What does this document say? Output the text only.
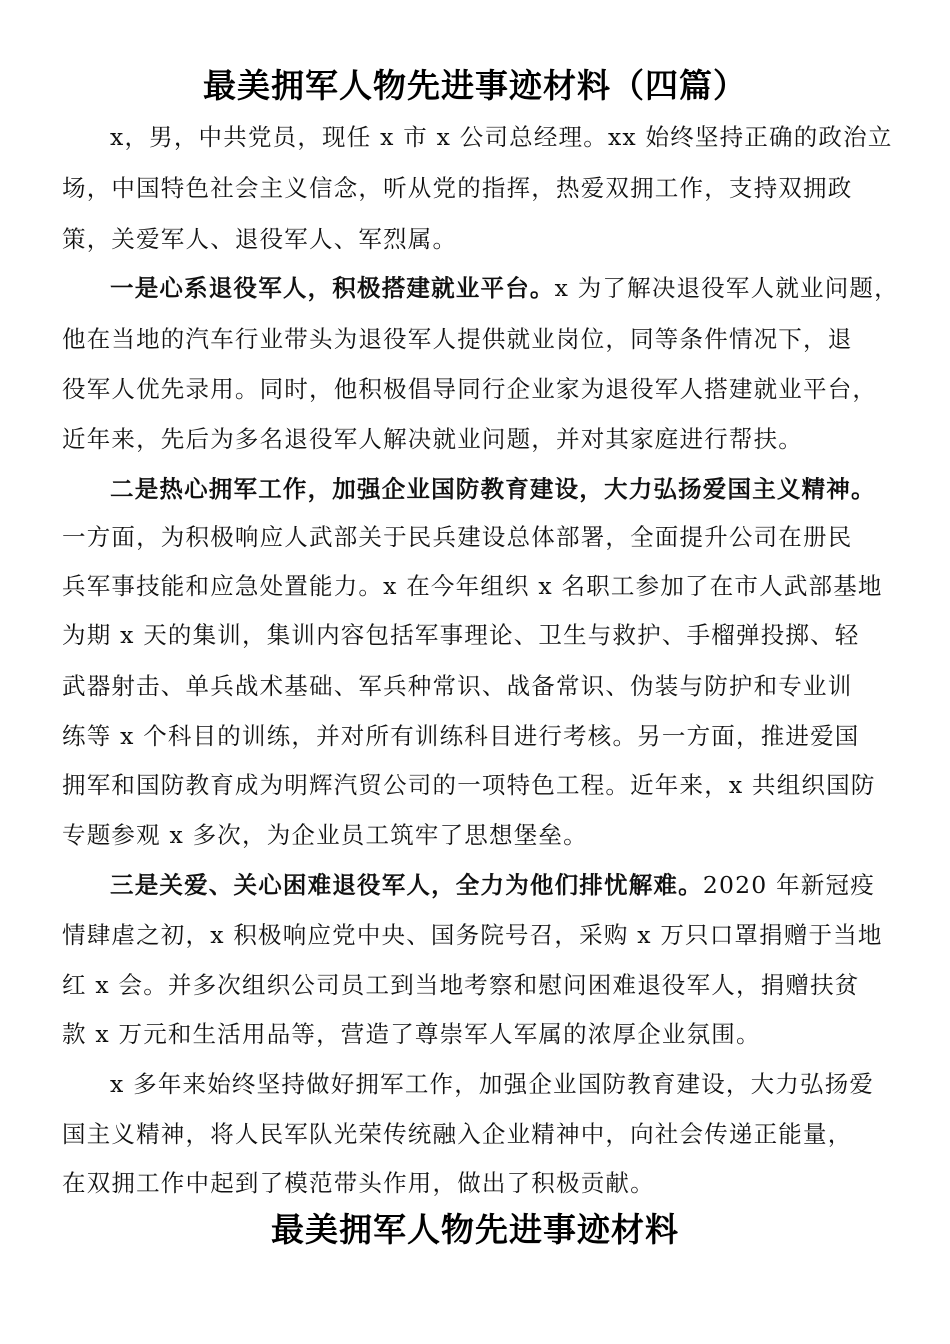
最美拥军人物先进事迹材料（四篇）
x，男，中共党员，现任 x 市 x 公司总经理。xx 始终坚持正确的政治立
场，中国特色社会主义信念，听从党的指挥，热爱双拥工作，支持双拥政
策，关爱军人、退役军人、军烈属。
一是心系退役军人，积极搭建就业平台。x 为了解决退役军人就业问题，
他在当地的汽车行业带头为退役军人提供就业岗位，同等条件情况下，退
役军人优先录用。同时，他积极倡导同行企业家为退役军人搭建就业平台，
近年来，先后为多名退役军人解决就业问题，并对其家庭进行帮扶。
二是热心拥军工作，加强企业国防教育建设，大力弘扬爱国主义精神。
一方面，为积极响应人武部关于民兵建设总体部署，全面提升公司在册民
兵军事技能和应急处置能力。x 在今年组织 x 名职工参加了在市人武部基地
为期 x 天的集训，集训内容包括军事理论、卫生与救护、手榴弹投掷、轻
武器射击、单兵战术基础、军兵种常识、战备常识、伪装与防护和专业训
练等 x 个科目的训练，并对所有训练科目进行考核。另一方面，推进爱国
拥军和国防教育成为明辉汽贸公司的一项特色工程。近年来，x 共组织国防
专题参观 x 多次，为企业员工筑牢了思想堡垒。
三是关爱、关心困难退役军人，全力为他们排忧解难。2020 年新冠疫
情肆虐之初，x 积极响应党中央、国务院号召，采购 x 万只口罩捐赠于当地
红 x 会。并多次组织公司员工到当地考察和慰问困难退役军人，捐赠扶贫
款 x 万元和生活用品等，营造了尊崇军人军属的浓厚企业氛围。
x 多年来始终坚持做好拥军工作，加强企业国防教育建设，大力弘扬爱
国主义精神，将人民军队光荣传统融入企业精神中，向社会传递正能量，
在双拥工作中起到了模范带头作用，做出了积极贡献。
最美拥军人物先进事迹材料
